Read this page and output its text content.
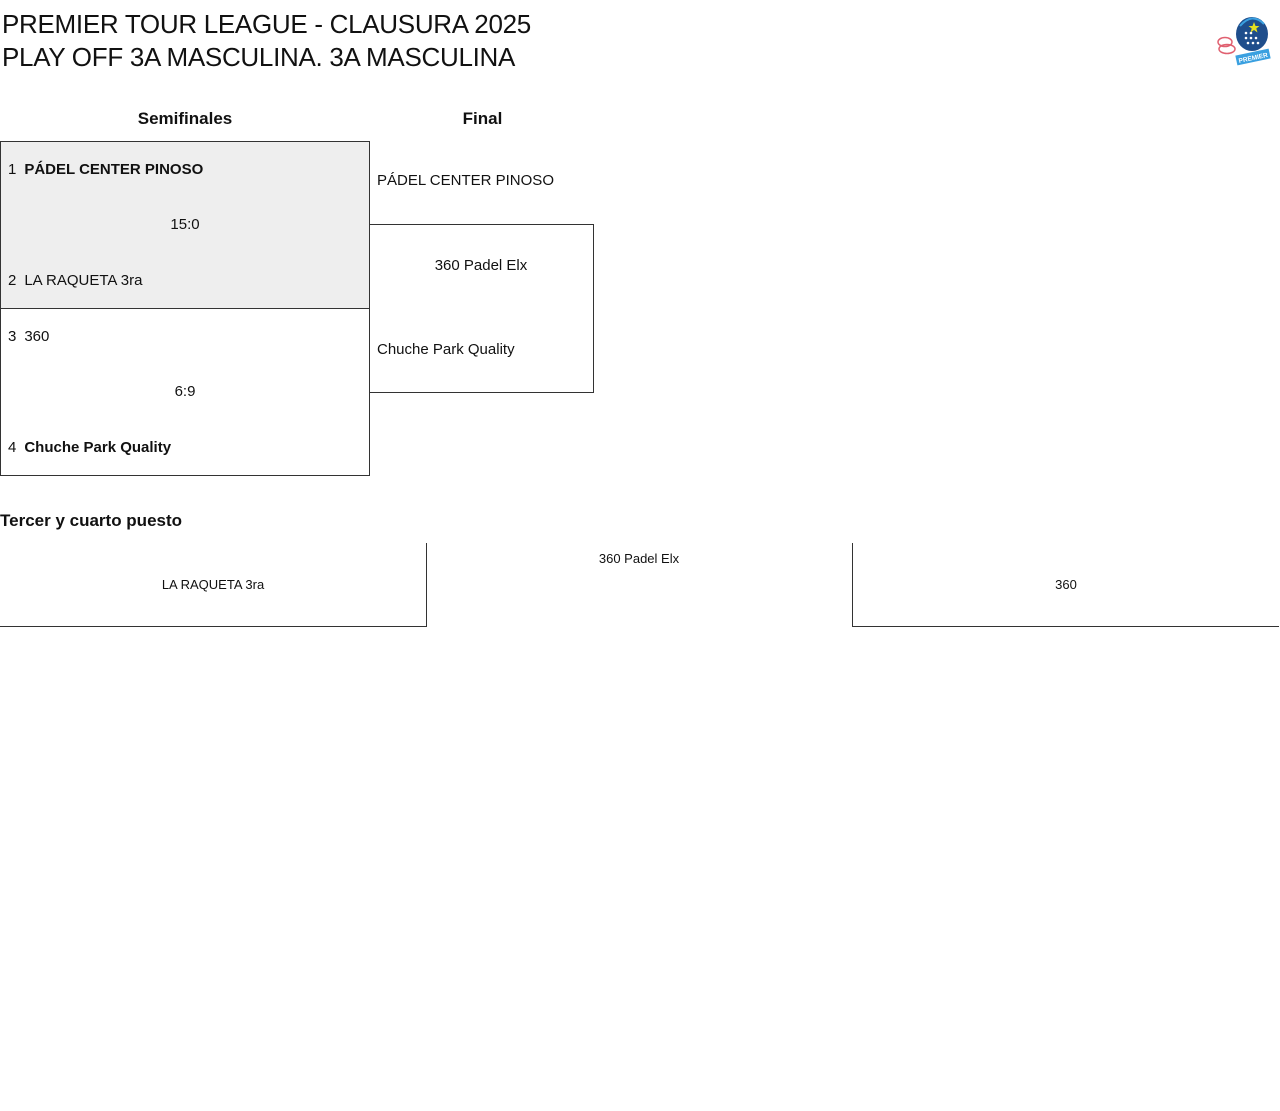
PREMIER TOUR LEAGUE - CLAUSURA 2025
PLAY OFF 3A MASCULINA. 3A MASCULINA	PREMIER
Semifinales	Final
1 PÁDEL CENTER PINOSO
15:0
2 LA RAQUETA 3ra
3 360
6:9
4 Chuche Park Quality
PÁDEL CENTER PINOSO
360 Padel Elx
Chuche Park Quality
Tercer y cuarto puesto
LA RAQUETA 3ra
360 Padel Elx
360
